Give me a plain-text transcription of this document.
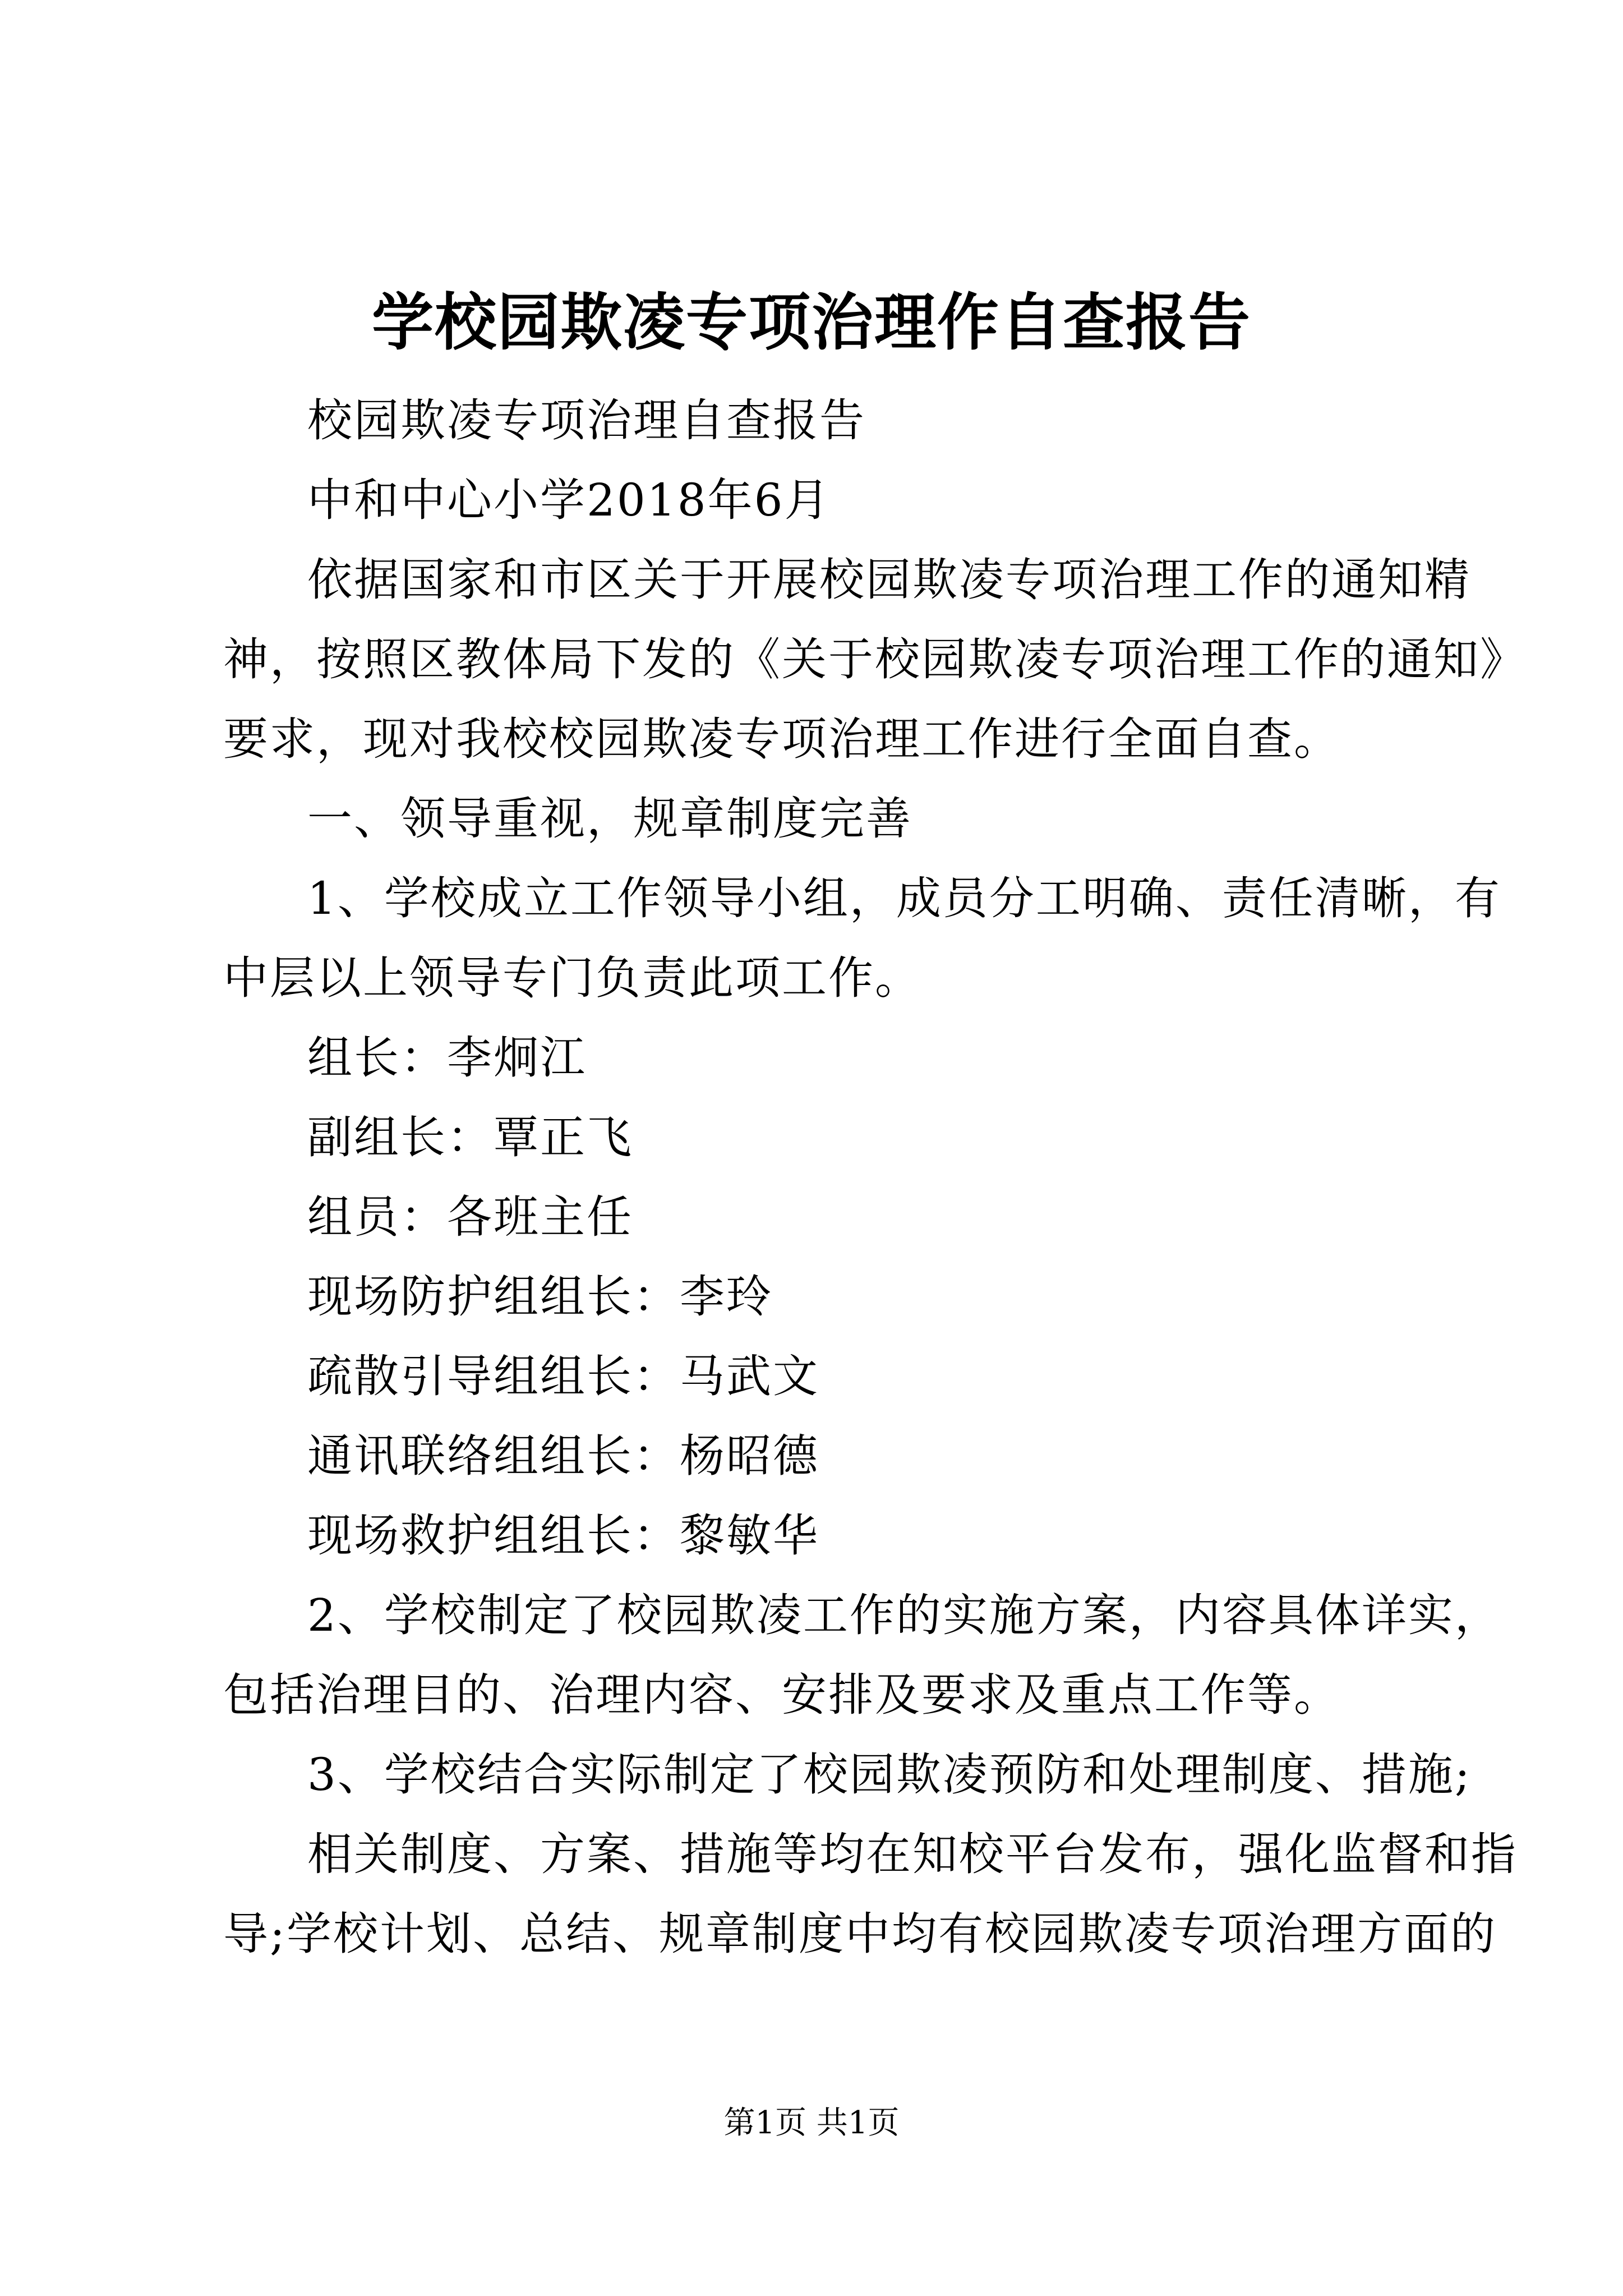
学校园欺凌专项治理作自查报告
校园欺凌专项治理自查报告
中和中心小学2018年6月
依据国家和市区关于开展校园欺凌专项治理工作的通知精
神，按照区教体局下发的《关于校园欺凌专项治理工作的通知》
要求，现对我校校园欺凌专项治理工作进行全面自查。
一、领导重视，规章制度完善
1、学校成立工作领导小组，成员分工明确、责任清晰，有
中层以上领导专门负责此项工作。
组长：李炯江
副组长：覃正飞
组员：各班主任
现场防护组组长：李玲
疏散引导组组长：马武文
通讯联络组组长：杨昭德
现场救护组组长：黎敏华
2、学校制定了校园欺凌工作的实施方案，内容具体详实，
包括治理目的、治理内容、安排及要求及重点工作等。
3、学校结合实际制定了校园欺凌预防和处理制度、措施;
相关制度、方案、措施等均在知校平台发布，强化监督和指
导;学校计划、总结、规章制度中均有校园欺凌专项治理方面的
第1页 共1页
